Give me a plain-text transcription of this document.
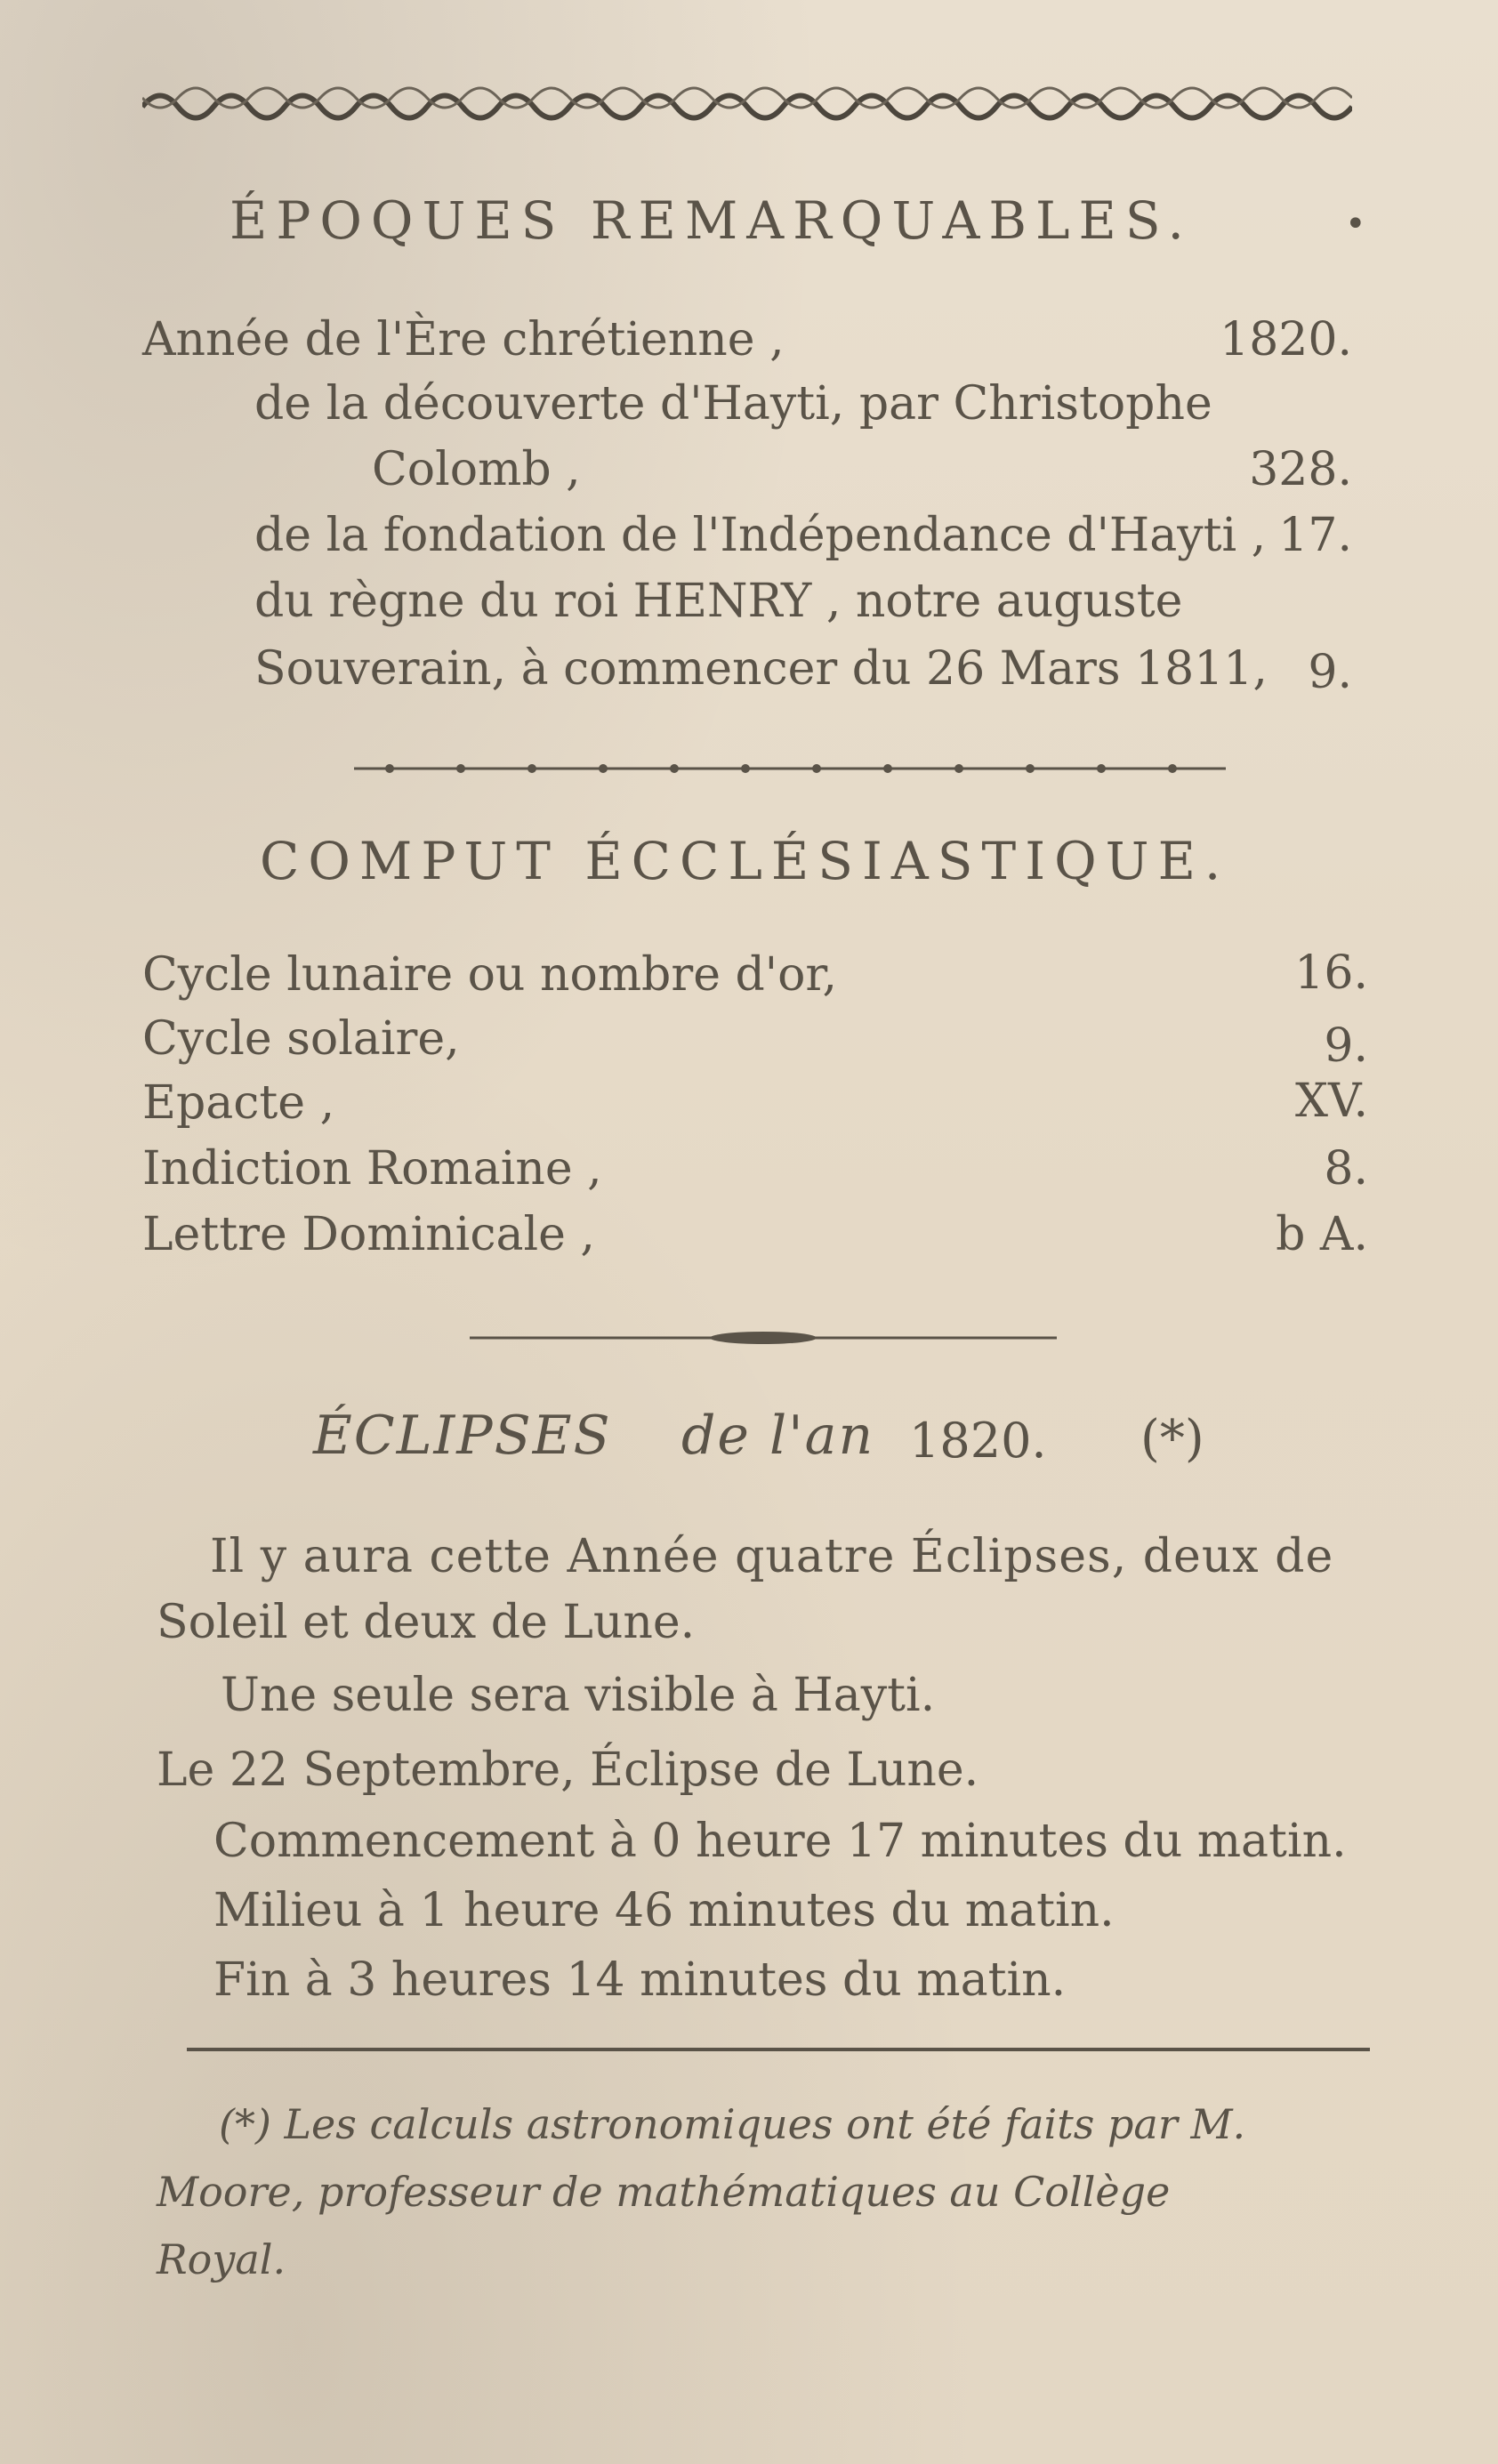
ÉPOQUES REMARQUABLES.	•
Année de l'Ère chrétienne ,	1820.
de la découverte d'Hayti, par Christophe
Colomb ,	328.
de la fondation de l'Indépendance d'Hayti , 17.
du règne du roi HENRY , notre auguste
Souverain, à commencer du 26 Mars 1811, 9.
COMPUT ÉCCLÉSIASTIQUE.
Cycle lunaire ou nombre d'or,	16.
Cycle solaire,	9.
Epacte ,	XV.
Indiction Romaine ,	8.
Lettre Dominicale ,	b A.
ÉCLIPSES de l'an 1820. (*)
Il y aura cette Année quatre Éclipses, deux de
Soleil et deux de Lune.
Une seule sera visible à Hayti.
Le 22 Septembre, Éclipse de Lune.
Commencement à 0 heure 17 minutes du matin.
Milieu à 1 heure 46 minutes du matin.
Fin à 3 heures 14 minutes du matin.
(*) Les calculs astronomiques ont été faits par M.
Moore, professeur de mathématiques au Collège
Royal.
